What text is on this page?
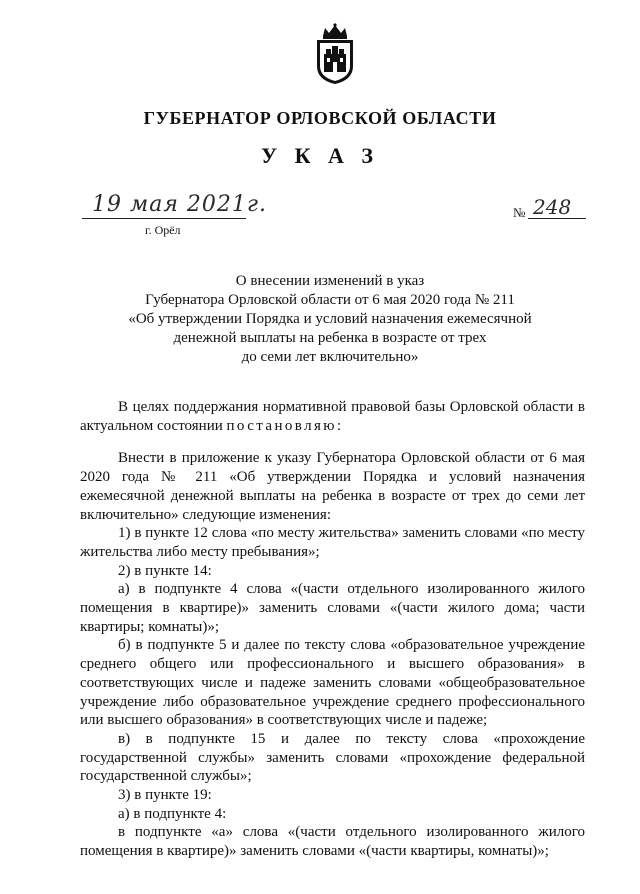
ГУБЕРНАТОР ОРЛОВСКОЙ ОБЛАСТИ
У К А З
19 мая 2021г.
г. Орёл
№ 248
О внесении изменений в указ
Губернатора Орловской области от 6 мая 2020 года № 211
«Об утверждении Порядка и условий назначения ежемесячной
денежной выплаты на ребенка в возрасте от трех
до семи лет включительно»

В целях поддержания нормативной правовой базы Орловской области в актуальном состоянии постановляю:

Внести в приложение к указу Губернатора Орловской области от 6 мая 2020 года № 211 «Об утверждении Порядка и условий назначения ежемесячной денежной выплаты на ребенка в возрасте от трех до семи лет включительно» следующие изменения:

1) в пункте 12 слова «по месту жительства» заменить словами «по месту жительства либо месту пребывания»;

2) в пункте 14:

а) в подпункте 4 слова «(части отдельного изолированного жилого помещения в квартире)» заменить словами «(части жилого дома; части квартиры; комнаты)»;

б) в подпункте 5 и далее по тексту слова «образовательное учреждение среднего общего или профессионального и высшего образования» в соответствующих числе и падеже заменить словами «общеобразовательное учреждение либо образовательное учреждение среднего профессионального или высшего образования» в соответствующих числе и падеже;

в) в подпункте 15 и далее по тексту слова «прохождение государственной службы» заменить словами «прохождение федеральной государственной службы»;

3) в пункте 19:

а) в подпункте 4:

в подпункте «а» слова «(части отдельного изолированного жилого помещения в квартире)» заменить словами «(части квартиры, комнаты)»;
